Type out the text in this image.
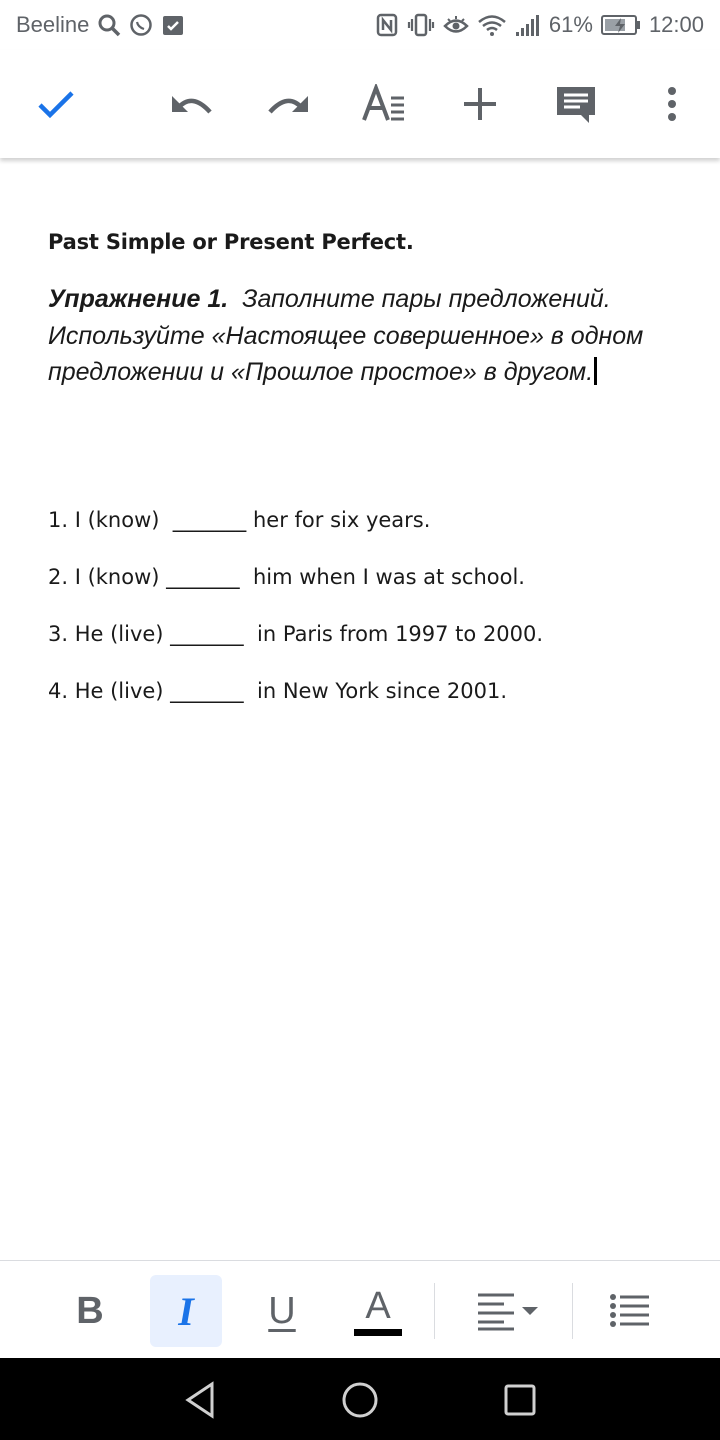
Beeline	61%	12:00
Past Simple or Present Perfect.
Упражнение 1. Заполните пары предложений. Используйте «Настоящее совершенное» в одном предложении и «Прошлое простое» в другом.
1. I (know)  _______ her for six years.
2. I (know) _______  him when I was at school.
3. He (live) _______  in Paris from 1997 to 2000.
4. He (live) _______  in New York since 2001.
B I U A
